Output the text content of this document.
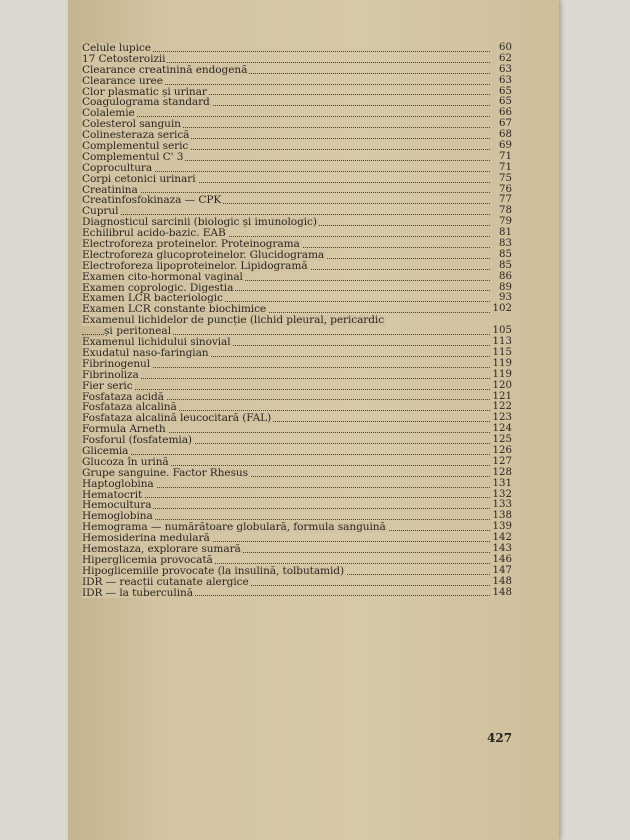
Celule lupice	60
17 Cetosteroizii	62
Clearance creatinină endogenă	63
Clearance uree	63
Clor plasmatic și urinar	65
Coagulograma standard	65
Colalemie	66
Colesterol sanguin	67
Colinesteraza serică	68
Complementul seric	69
Complementul C' 3	71
Coprocultura	71
Corpi cetonici urinari	75
Creatinina	76
Creatinfosfokinaza — CPK	77
Cuprul	78
Diagnosticul sarcinii (biologic și imunologic)	79
Echilibrul acido-bazic. EAB	81
Electroforeza proteinelor. Proteinograma	83
Electroforeza glucoproteinelor. Glucidograma	85
Electroforeza lipoproteinelor. Lipidogramă	85
Examen cito-hormonal vaginal	86
Examen coprologic. Digestia	89
Examen LCR bacteriologic	93
Examen LCR constante biochimice	102
Examenul lichidelor de puncție (lichid pleural, pericardic
și peritoneal	105
Examenul lichidului sinovial	113
Exudatul naso-faringian	115
Fibrinogenul	119
Fibrinoliza	119
Fier seric	120
Fosfataza acidă	121
Fosfataza alcalină	122
Fosfataza alcalină leucocitară (FAL)	123
Formula Arneth	124
Fosforul (fosfatemia)	125
Glicemia	126
Glucoza în urină	127
Grupe sanguine. Factor Rhesus	128
Haptoglobina	131
Hematocrit	132
Hemocultura	133
Hemoglobina	138
Hemograma — numărătoare globulară, formula sanguină	139
Hemosiderina medulară	142
Hemostaza, explorare sumară	143
Hiperglicemia provocată	146
Hipoglicemiile provocate (la insulină, tolbutamid)	147
IDR — reacții cutanate alergice	148
IDR — la tuberculină	148
427
